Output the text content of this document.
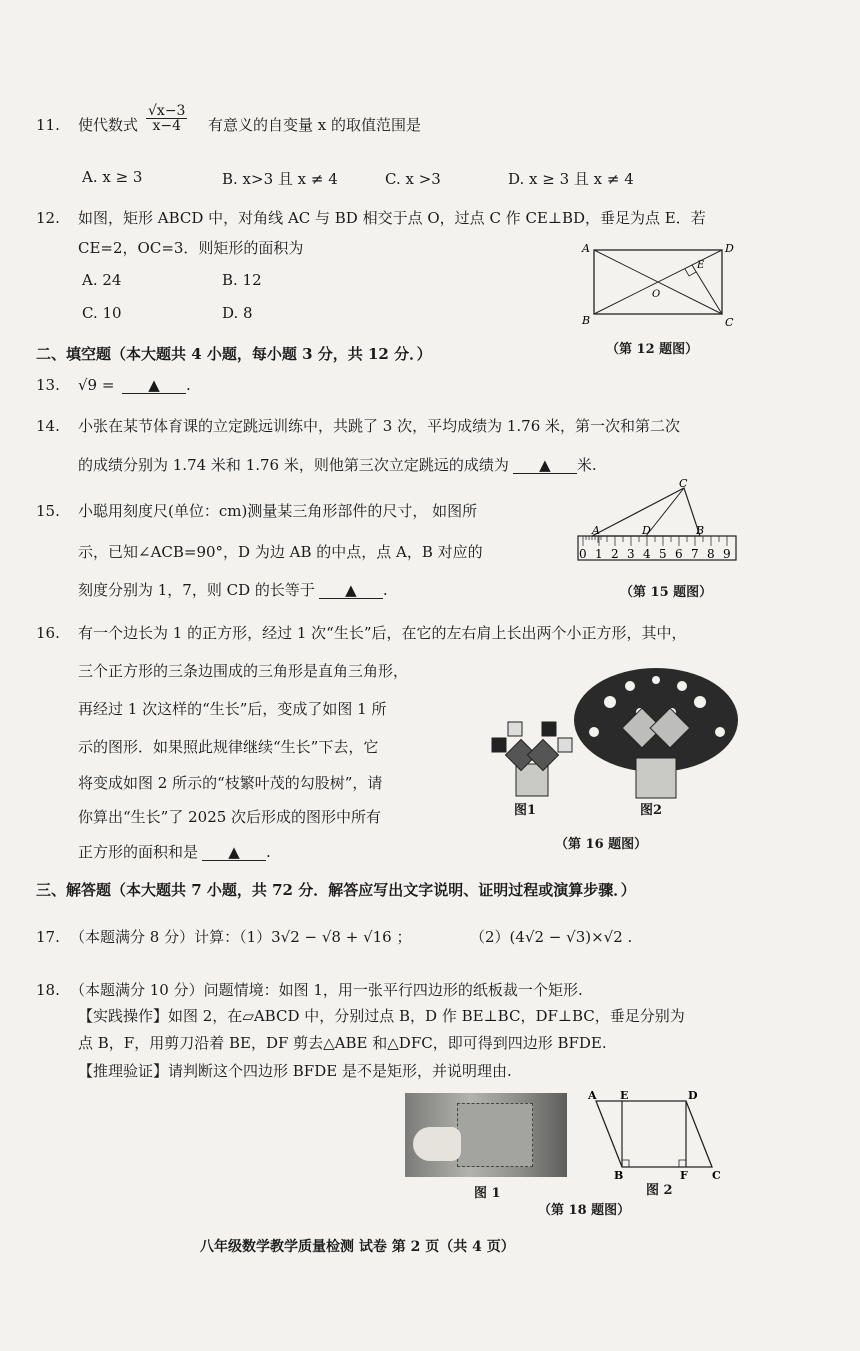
11. 使代数式 $\frac{√x-3}{x-4}$ 有意义的自变量 x 的取值范围是
A. x ≥ 3	B. x>3 且 x ≠ 4	C. x >3	D. x ≥ 3 且 x ≠ 4
12. 如图，矩形 ABCD 中，对角线 AC 与 BD 相交于点 O，过点 C 作 CE⊥BD，垂足为点 E．若
CE=2，OC=3．则矩形的面积为
A. 24	B. 12
C. 10	D. 8
A	D
E
O
B	C
（第 12 题图）
二、填空题（本大题共 4 小题，每小题 3 分，共 12 分．）
13. √9 =	▲ .
14. 小张在某节体育课的立定跳远训练中，共跳了 3 次，平均成绩为 1.76 米，第一次和第二次
的成绩分别为 1.74 米和 1.76 米，则他第三次立定跳远的成绩为 ▲ 米.
15. 小聪用刻度尺(单位：cm)测量某三角形部件的尺寸， 如图所
示，已知∠ACB=90°，D 为边 AB 的中点，点 A，B 对应的
刻度分别为 1，7，则 CD 的长等于 ▲ .
0 1 2 3 4 5 6 7 8 9
C
A	D	B
（第 15 题图）
16. 有一个边长为 1 的正方形，经过 1 次“生长”后，在它的左右肩上长出两个小正方形，其中，
三个正方形的三条边围成的三角形是直角三角形，
再经过 1 次这样的“生长”后，变成了如图 1 所
示的图形．如果照此规律继续“生长”下去，它
将变成如图 2 所示的“枝繁叶茂的勾股树”，请
你算出“生长”了 2025 次后形成的图形中所有
正方形的面积和是 ▲ .
图1	图2
（第 16 题图）
三、解答题（本大题共 7 小题，共 72 分．解答应写出文字说明、证明过程或演算步骤．）
17. （本题满分 8 分）计算：（1）3√2 − √8 + √16 ；	（2）(4√2 − √3)×√2 .
18. （本题满分 10 分）问题情境：如图 1，用一张平行四边形的纸板裁一个矩形.
【实践操作】如图 2，在▱ABCD 中，分别过点 B，D 作 BE⊥BC，DF⊥BC，垂足分别为
点 B，F，用剪刀沿着 BE，DF 剪去△ABE 和△DFC，即可得到四边形 BFDE.
【推理验证】请判断这个四边形 BFDE 是不是矩形，并说明理由.
图 1
A E	D
B	F C
图 2
（第 18 题图）
八年级数学教学质量检测 试卷 第 2 页（共 4 页）
